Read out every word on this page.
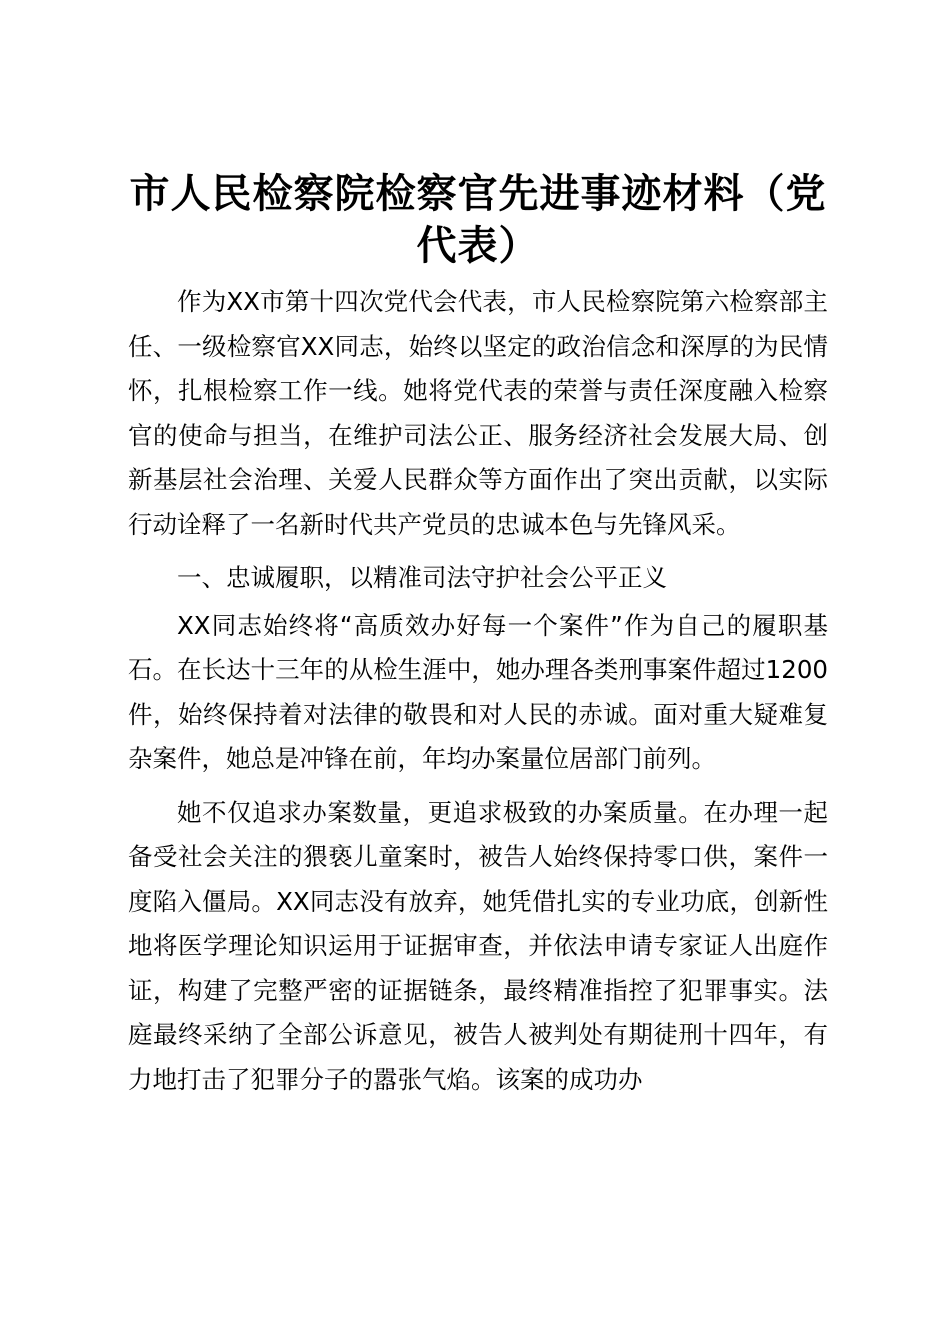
市人民检察院检察官先进事迹材料（党代表）

作为XX市第十四次党代会代表，市人民检察院第六检察部主任、一级检察官XX同志，始终以坚定的政治信念和深厚的为民情怀，扎根检察工作一线。她将党代表的荣誉与责任深度融入检察官的使命与担当，在维护司法公正、服务经济社会发展大局、创新基层社会治理、关爱人民群众等方面作出了突出贡献，以实际行动诠释了一名新时代共产党员的忠诚本色与先锋风采。

一、忠诚履职，以精准司法守护社会公平正义

XX同志始终将“高质效办好每一个案件”作为自己的履职基石。在长达十三年的从检生涯中，她办理各类刑事案件超过1200件，始终保持着对法律的敬畏和对人民的赤诚。面对重大疑难复杂案件，她总是冲锋在前，年均办案量位居部门前列。

她不仅追求办案数量，更追求极致的办案质量。在办理一起备受社会关注的猥亵儿童案时，被告人始终保持零口供，案件一度陷入僵局。XX同志没有放弃，她凭借扎实的专业功底，创新性地将医学理论知识运用于证据审查，并依法申请专家证人出庭作证，构建了完整严密的证据链条，最终精准指控了犯罪事实。法庭最终采纳了全部公诉意见，被告人被判处有期徒刑十四年，有力地打击了犯罪分子的嚣张气焰。该案的成功办
